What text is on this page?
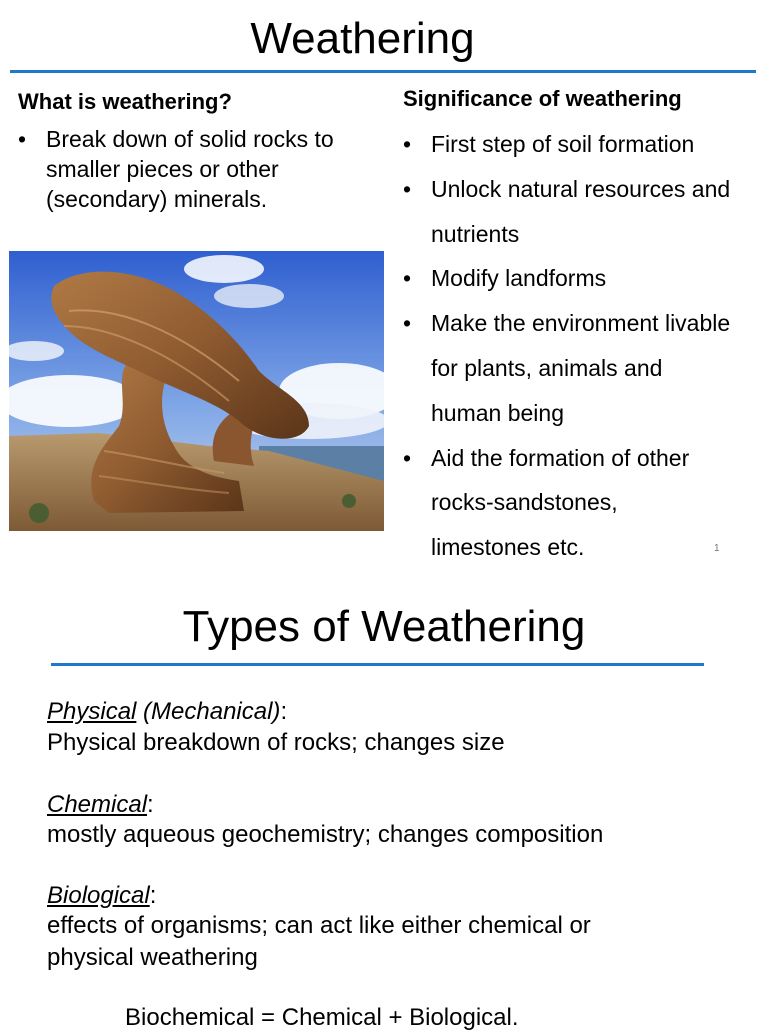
Weathering
What is weathering?
• Break down of solid rocks to smaller pieces or other (secondary) minerals.
Significance of weathering
• First step of soil formation
• Unlock natural resources and nutrients
• Modify landforms
• Make the environment livable for plants, animals and human being
• Aid the formation of other rocks-sandstones, limestones etc.	1
Types of Weathering
Physical (Mechanical):
Physical breakdown of rocks; changes size
Chemical:
mostly aqueous geochemistry; changes composition
Biological:
effects of organisms; can act like either chemical or physical weathering
Biochemical = Chemical + Biological.
